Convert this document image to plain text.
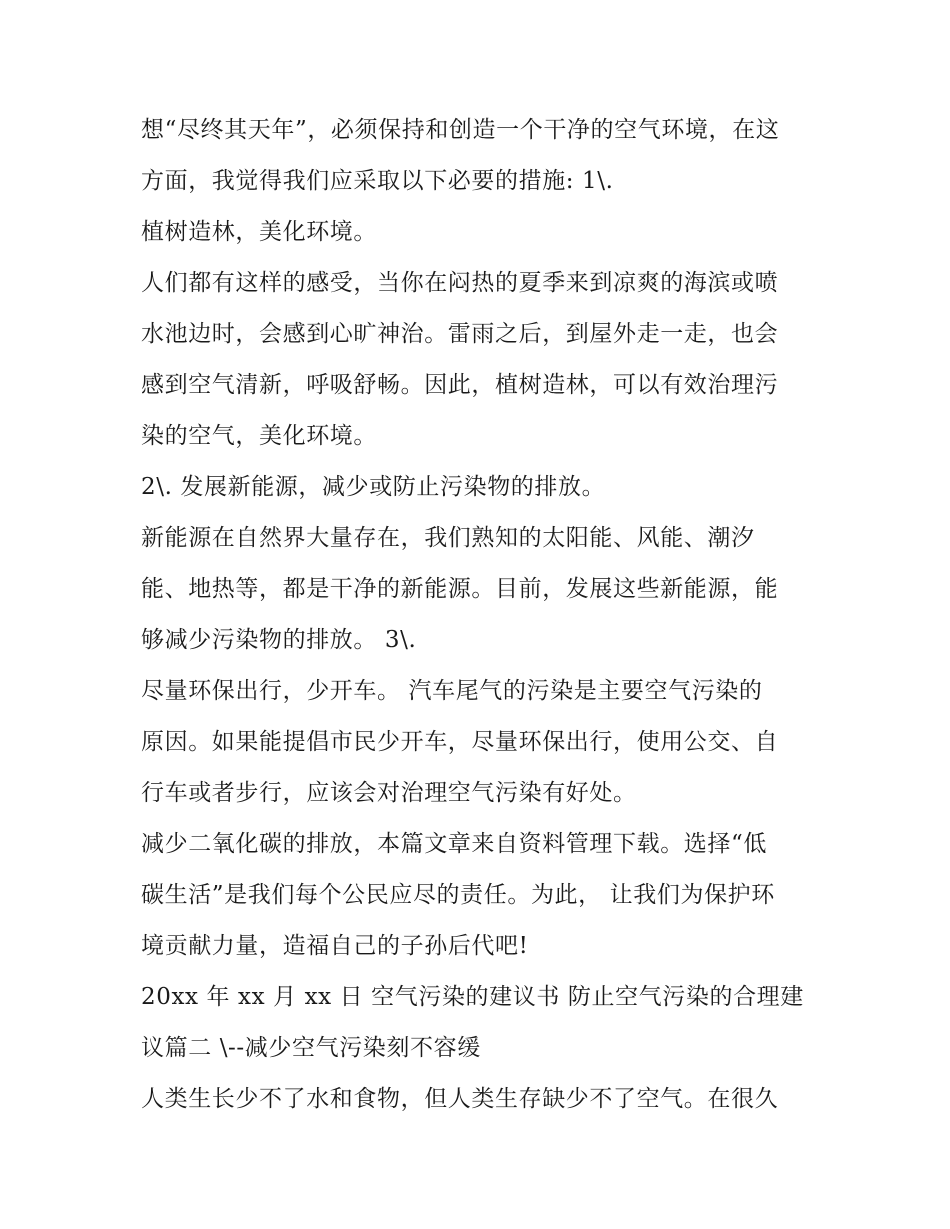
想“尽终其天年”，必须保持和创造一个干净的空气环境，在这
方面，我觉得我们应采取以下必要的措施: 1\.
植树造林，美化环境。
人们都有这样的感受，当你在闷热的夏季来到凉爽的海滨或喷
水池边时，会感到心旷神治。雷雨之后，到屋外走一走，也会
感到空气清新，呼吸舒畅。因此，植树造林，可以有效治理污
染的空气，美化环境。
2\. 发展新能源，减少或防止污染物的排放。
新能源在自然界大量存在，我们熟知的太阳能、风能、潮汐
能、地热等，都是干净的新能源。目前，发展这些新能源，能
够减少污染物的排放。 3\.
尽量环保出行，少开车。 汽车尾气的污染是主要空气污染的
原因。如果能提倡市民少开车，尽量环保出行，使用公交、自
行车或者步行，应该会对治理空气污染有好处。
减少二氧化碳的排放，本篇文章来自资料管理下载。选择“低
碳生活”是我们每个公民应尽的责任。为此， 让我们为保护环
境贡献力量，造福自己的子孙后代吧!
20xx 年 xx 月 xx 日 空气污染的建议书 防止空气污染的合理建
议篇二 \--减少空气污染刻不容缓
人类生长少不了水和食物，但人类生存缺少不了空气。在很久
